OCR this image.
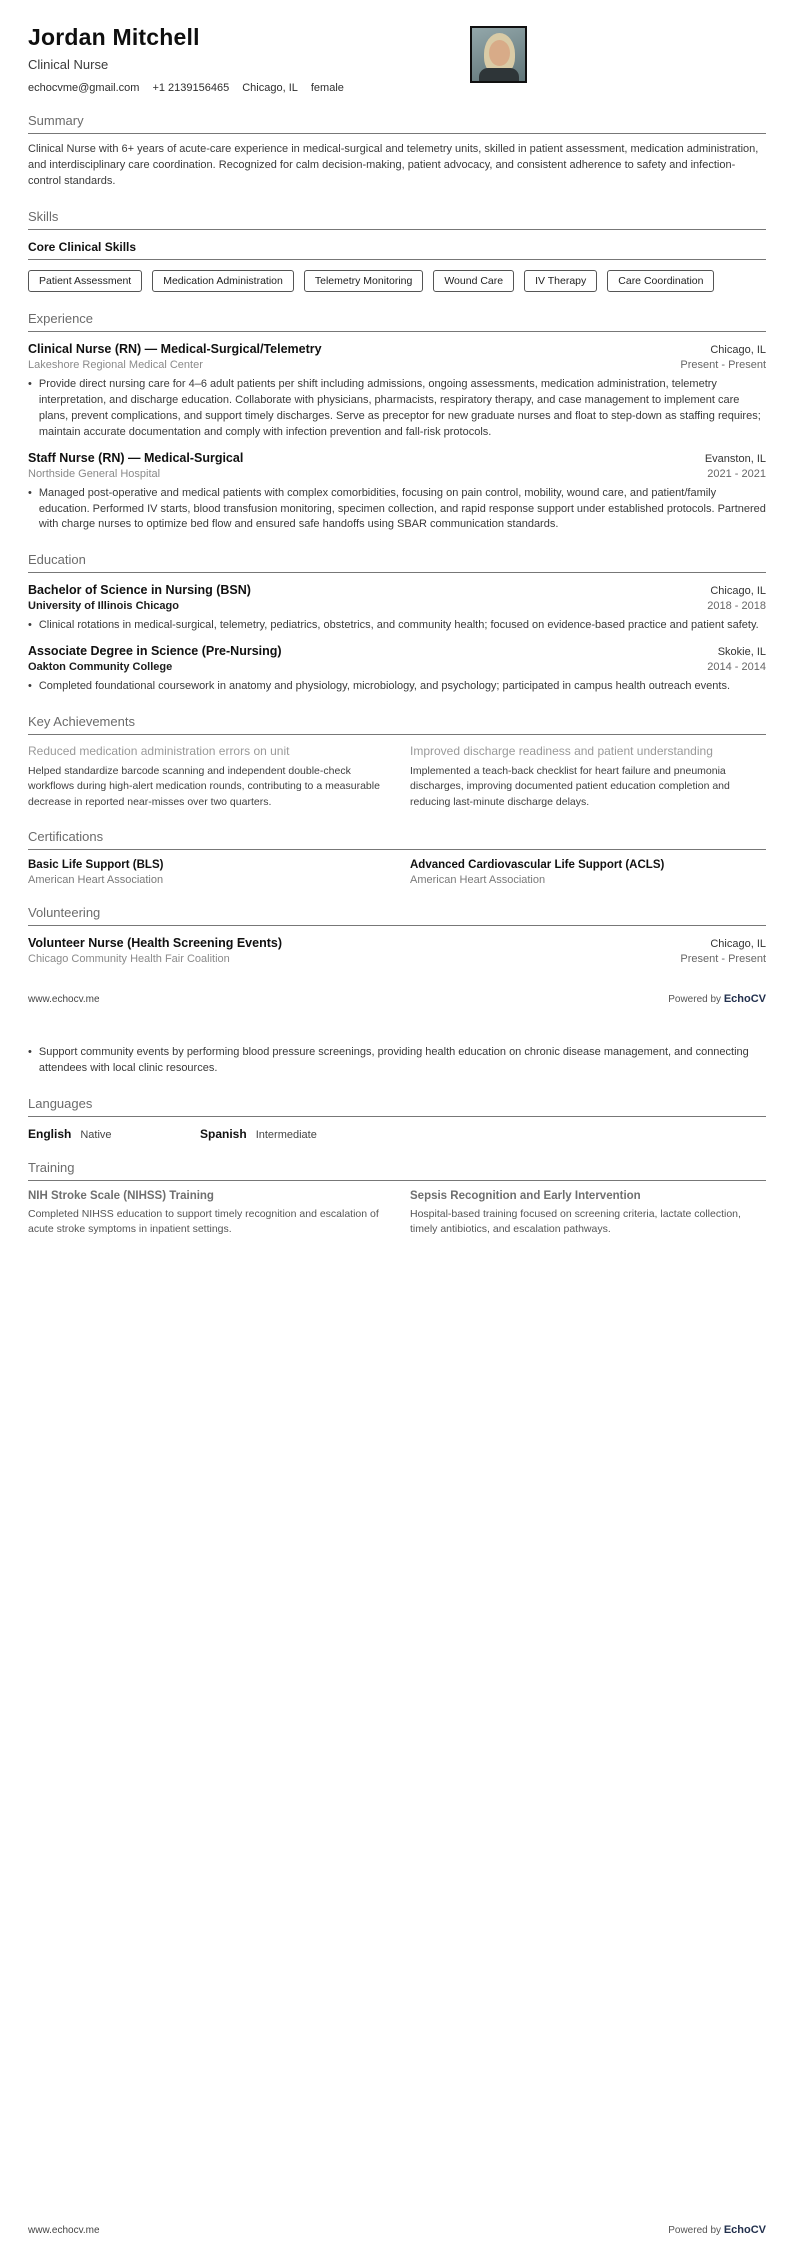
Jordan Mitchell
Clinical Nurse
echocvme@gmail.com +1 2139156465 Chicago, IL female
Summary
Clinical Nurse with 6+ years of acute-care experience in medical-surgical and telemetry units, skilled in patient assessment, medication administration, and interdisciplinary care coordination. Recognized for calm decision-making, patient advocacy, and consistent adherence to safety and infection-control standards.
Skills
Core Clinical Skills
Patient Assessment	Medication Administration	Telemetry Monitoring	Wound Care	IV Therapy	Care Coordination
Experience
Clinical Nurse (RN) — Medical-Surgical/Telemetry	Chicago, IL
Lakeshore Regional Medical Center	Present - Present
• Provide direct nursing care for 4–6 adult patients per shift including admissions, ongoing assessments, medication administration, telemetry interpretation, and discharge education. Collaborate with physicians, pharmacists, respiratory therapy, and case management to implement care plans, prevent complications, and support timely discharges. Serve as preceptor for new graduate nurses and float to step-down as staffing requires; maintain accurate documentation and comply with infection prevention and fall-risk protocols.
Staff Nurse (RN) — Medical-Surgical	Evanston, IL
Northside General Hospital	2021 - 2021
• Managed post-operative and medical patients with complex comorbidities, focusing on pain control, mobility, wound care, and patient/family education. Performed IV starts, blood transfusion monitoring, specimen collection, and rapid response support under established protocols. Partnered with charge nurses to optimize bed flow and ensured safe handoffs using SBAR communication standards.
Education
Bachelor of Science in Nursing (BSN)	Chicago, IL
University of Illinois Chicago	2018 - 2018
• Clinical rotations in medical-surgical, telemetry, pediatrics, obstetrics, and community health; focused on evidence-based practice and patient safety.
Associate Degree in Science (Pre-Nursing)	Skokie, IL
Oakton Community College	2014 - 2014
• Completed foundational coursework in anatomy and physiology, microbiology, and psychology; participated in campus health outreach events.
Key Achievements
Reduced medication administration errors on unit
Helped standardize barcode scanning and independent double-check workflows during high-alert medication rounds, contributing to a measurable decrease in reported near-misses over two quarters.
Improved discharge readiness and patient understanding
Implemented a teach-back checklist for heart failure and pneumonia discharges, improving documented patient education completion and reducing last-minute discharge delays.
Certifications
Basic Life Support (BLS)
American Heart Association
Advanced Cardiovascular Life Support (ACLS)
American Heart Association
Volunteering
Volunteer Nurse (Health Screening Events)	Chicago, IL
Chicago Community Health Fair Coalition	Present - Present
www.echocv.me	Powered by EchoCV
• Support community events by performing blood pressure screenings, providing health education on chronic disease management, and connecting attendees with local clinic resources.
Languages
English Native	Spanish Intermediate
Training
NIH Stroke Scale (NIHSS) Training
Completed NIHSS education to support timely recognition and escalation of acute stroke symptoms in inpatient settings.
Sepsis Recognition and Early Intervention
Hospital-based training focused on screening criteria, lactate collection, timely antibiotics, and escalation pathways.
www.echocv.me	Powered by EchoCV
